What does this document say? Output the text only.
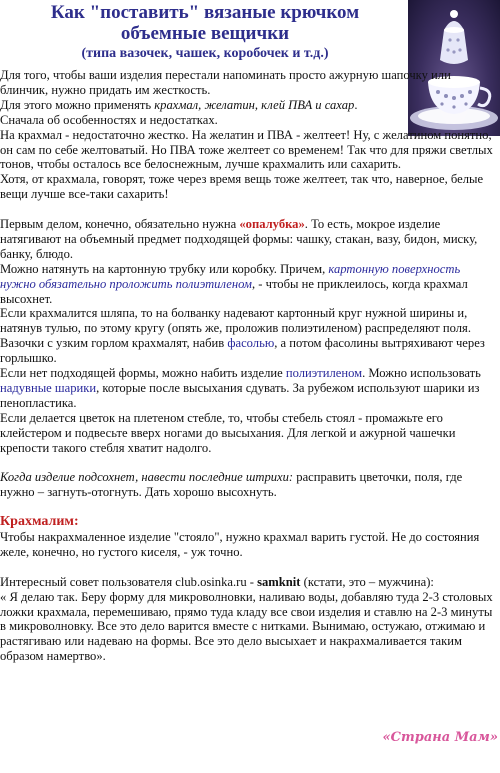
Как "поставить" вязаные крючком
объемные вещички
(типа вазочек, чашек, коробочек и т.д.)

Для того, чтобы ваши изделия перестали напоминать просто ажурную шапочку или блинчик, нужно придать им жесткость.

Для этого можно применять крахмал, желатин, клей ПВА и сахар.

Сначала об особенностях и недостатках.

На крахмал - недостаточно жестко. На желатин и ПВА - желтеет! Ну, с желатином понятно, он сам по себе желтоватый. Но ПВА тоже желтеет со временем! Так что для пряжи светлых тонов, чтобы осталось все белоснежным, лучше крахмалить или сахарить.

Хотя, от крахмала, говорят, тоже через время вещь тоже желтеет, так что, наверное, белые вещи лучше все-таки сахарить!

Первым делом, конечно, обязательно нужна «опалубка». То есть, мокрое изделие натягивают на объемный предмет подходящей формы: чашку, стакан, вазу, бидон, миску, банку, блюдо.

Можно натянуть на картонную трубку или коробку. Причем, картонную поверхность нужно обязательно проложить полиэтиленом, - чтобы не приклеилось, когда крахмал высохнет.

Если крахмалится шляпа, то на болванку надевают картонный круг нужной ширины и, натянув тулью, по этому кругу (опять же, проложив полиэтиленом) распределяют поля.

Вазочки с узким горлом крахмалят, набив фасолью, а потом фасолины вытряхивают через горлышко.

Если нет подходящей формы, можно набить изделие полиэтиленом. Можно использовать надувные шарики, которые после высыхания сдувать. За рубежом используют шарики из пенопластика.

Если делается цветок на плетеном стебле, то, чтобы стебель стоял - промажьте его клейстером и подвесьте вверх ногами до высыхания. Для легкой и ажурной чашечки крепости такого стебля хватит надолго.

Когда изделие подсохнет, навести последние штрихи: расправить цветочки, поля, где нужно – загнуть-отогнуть. Дать хорошо высохнуть.

Крахмалим:

Чтобы накрахмаленное изделие "стояло", нужно крахмал варить густой. Не до состояния желе, конечно, но густого киселя, - уж точно.

Интересный совет пользователя club.osinka.ru - samknit (кстати, это – мужчина):

« Я делаю так. Беру форму для микроволновки, наливаю воды, добавляю туда 2-3 столовых ложки крахмала, перемешиваю, прямо туда кладу все свои изделия и ставлю на 2-3 минуты в микроволновку. Все это дело варится вместе с нитками. Вынимаю, остужаю, отжимаю и растягиваю или надеваю на формы. Все это дело высыхает и накрахмаливается таким образом намертво».

«Страна Мам»
